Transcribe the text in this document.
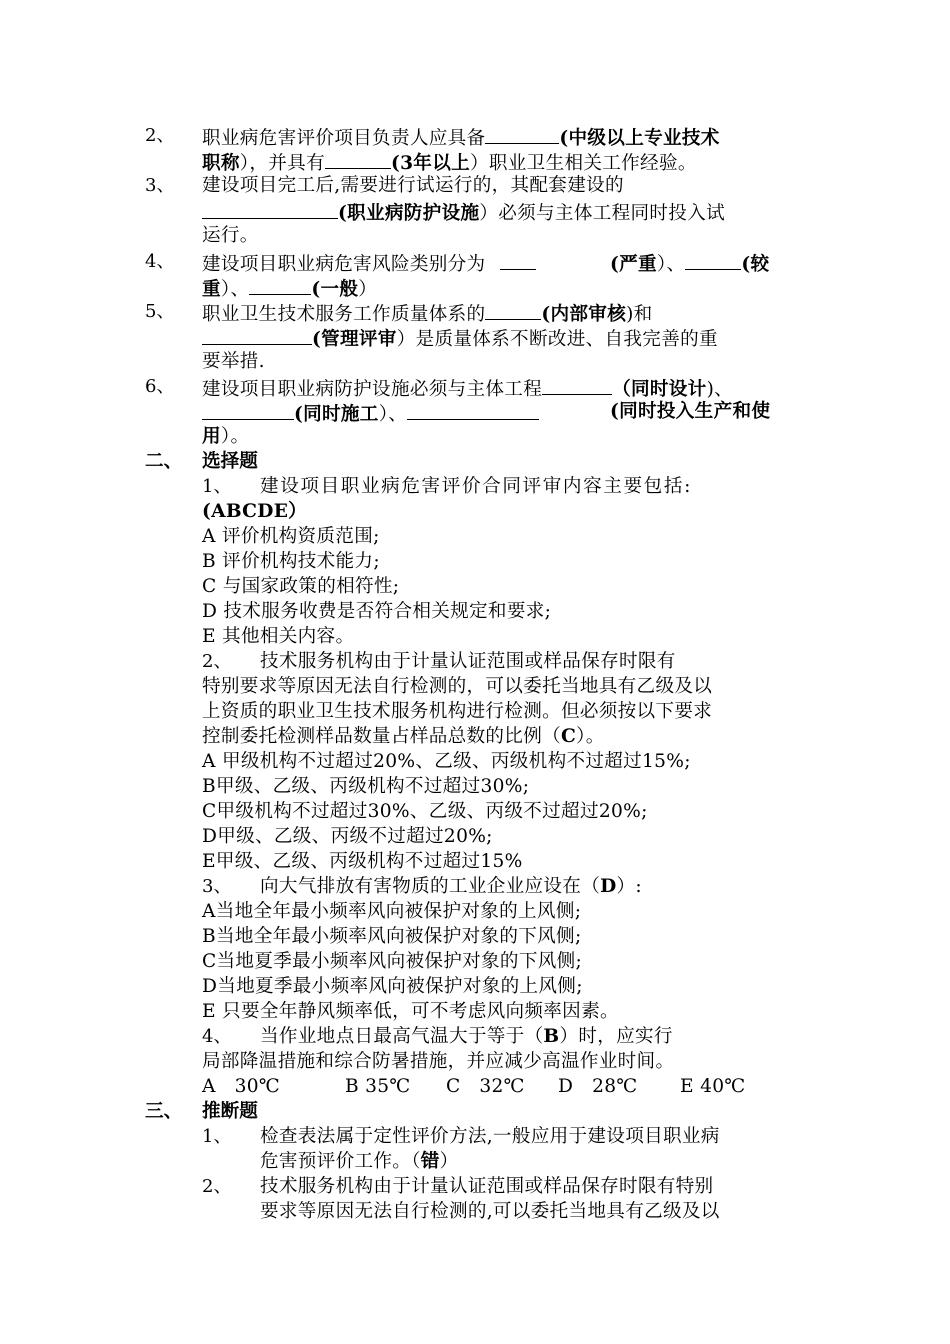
2、 职业病危害评价项目负责人应具备	(中级以上专业技术
职称），并具有	(3年以上）职业卫生相关工作经验。
3、 建设项目完工后,需要进行试运行的，其配套建设的
(职业病防护设施）必须与主体工程同时投入试
运行。
4、 建设项目职业病危害风险类别分为	(严重）、	(较
重）、	(一般）
5、 职业卫生技术服务工作质量体系的	(内部审核)和
(管理评审）是质量体系不断改进、自我完善的重
要举措.
6、 建设项目职业病防护设施必须与主体工程	（同时设计)、
(同时施工）、	(同时投入生产和使
用）。
二、 选择题
1、 建设项目职业病危害评价合同评审内容主要包括:
(ABCDE）
A 评价机构资质范围;
B 评价机构技术能力;
C 与国家政策的相符性;
D 技术服务收费是否符合相关规定和要求;
E 其他相关内容。
2、 技术服务机构由于计量认证范围或样品保存时限有
特别要求等原因无法自行检测的，可以委托当地具有乙级及以
上资质的职业卫生技术服务机构进行检测。但必须按以下要求
控制委托检测样品数量占样品总数的比例（C）。
A 甲级机构不过超过20%、乙级、丙级机构不过超过15%;
B甲级、乙级、丙级机构不过超过30%;
C甲级机构不过超过30%、乙级、丙级不过超过20%;
D甲级、乙级、丙级不过超过20%;
E甲级、乙级、丙级机构不过超过15%
3、 向大气排放有害物质的工业企业应设在（D）:
A当地全年最小频率风向被保护对象的上风侧;
B当地全年最小频率风向被保护对象的下风侧;
C当地夏季最小频率风向被保护对象的下风侧;
D当地夏季最小频率风向被保护对象的上风侧;
E 只要全年静风频率低，可不考虑风向频率因素。
4、 当作业地点日最高气温大于等于（B）时，应实行
局部降温措施和综合防暑措施，并应减少高温作业时间。
A　30℃	B 35℃ C　32℃ D　28℃ E 40℃
三、 推断题
1、 检查表法属于定性评价方法,一般应用于建设项目职业病
危害预评价工作。（错）
2、 技术服务机构由于计量认证范围或样品保存时限有特别
要求等原因无法自行检测的,可以委托当地具有乙级及以
